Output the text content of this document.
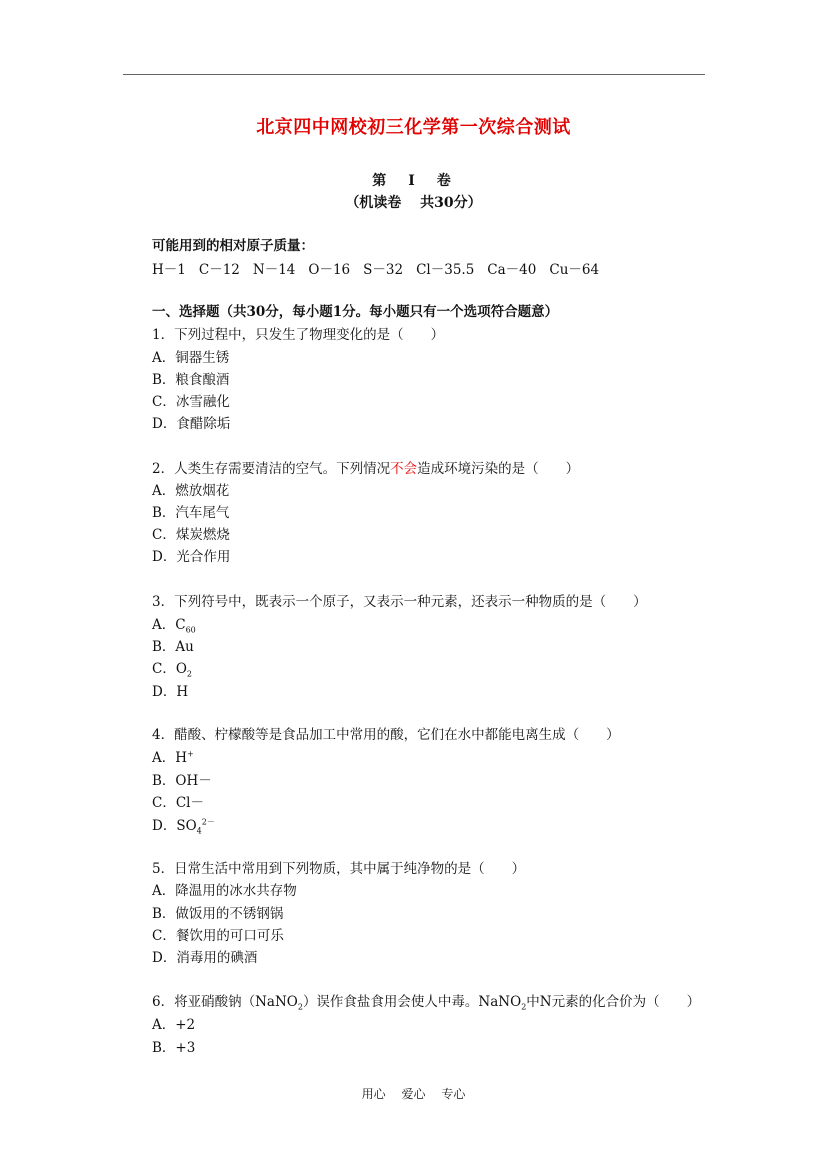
北京四中网校初三化学第一次综合测试
第　I　卷
（机读卷　 共30分）
可能用到的相对原子质量：
H－1 C－12 N－14 O－16 S－32 Cl－35.5 Ca－40 Cu－64
一、选择题（共30分，每小题1分。每小题只有一个选项符合题意）
1．下列过程中，只发生了物理变化的是（　　）
A．铜器生锈
B．粮食酿酒
C．冰雪融化
D．食醋除垢
2．人类生存需要清洁的空气。下列情况不会造成环境污染的是（　　）
A．燃放烟花
B．汽车尾气
C．煤炭燃烧
D．光合作用
3．下列符号中，既表示一个原子，又表示一种元素，还表示一种物质的是（　　）
A．$C_{60}$
B．Au
C．$O_2$
D．H
4．醋酸、柠檬酸等是食品加工中常用的酸，它们在水中都能电离生成（　　）
A．H+
B．OH－
C．Cl－
D．$SO_4^{2-}$
5．日常生活中常用到下列物质，其中属于纯净物的是（　　）
A．降温用的冰水共存物
B．做饭用的不锈钢锅
C．餐饮用的可口可乐
D．消毒用的碘酒
6．将亚硝酸钠（NaNO$_2$）误作食盐食用会使人中毒。NaNO$_2$中N元素的化合价为（　　）
A．+2
B．+3
用心 爱心 专心
